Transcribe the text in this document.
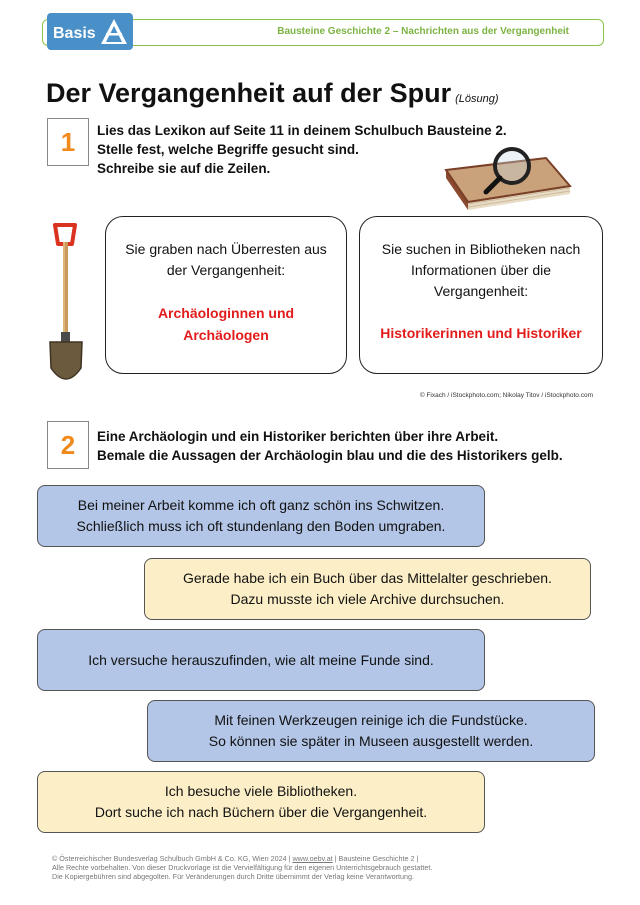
Bausteine Geschichte 2 – Nachrichten aus der Vergangenheit
Basis
Der Vergangenheit auf der Spur (Lösung)
1	Lies das Lexikon auf Seite 11 in deinem Schulbuch Bausteine 2.
Stelle fest, welche Begriffe gesucht sind.
Schreibe sie auf die Zeilen.
Sie graben nach Überresten aus
der Vergangenheit:
Archäologinnen und
Archäologen
Sie suchen in Bibliotheken nach
Informationen über die
Vergangenheit:
Historikerinnen und Historiker
© Fixach / iStockphoto.com; Nikolay Titov / iStockphoto.com
2	Eine Archäologin und ein Historiker berichten über ihre Arbeit.
Bemale die Aussagen der Archäologin blau und die des Historikers gelb.
Bei meiner Arbeit komme ich oft ganz schön ins Schwitzen.
Schließlich muss ich oft stundenlang den Boden umgraben.
Gerade habe ich ein Buch über das Mittelalter geschrieben.
Dazu musste ich viele Archive durchsuchen.
Ich versuche herauszufinden, wie alt meine Funde sind.
Mit feinen Werkzeugen reinige ich die Fundstücke.
So können sie später in Museen ausgestellt werden.
Ich besuche viele Bibliotheken.
Dort suche ich nach Büchern über die Vergangenheit.
© Österreichischer Bundesverlag Schulbuch GmbH & Co. KG, Wien 2024 | www.oebv.at | Bausteine Geschichte 2 |
Alle Rechte vorbehalten. Von dieser Druckvorlage ist die Vervielfältigung für den eigenen Unterrichtsgebrauch gestattet.
Die Kopiergebühren sind abgegolten. Für Veränderungen durch Dritte übernimmt der Verlag keine Verantwortung.
